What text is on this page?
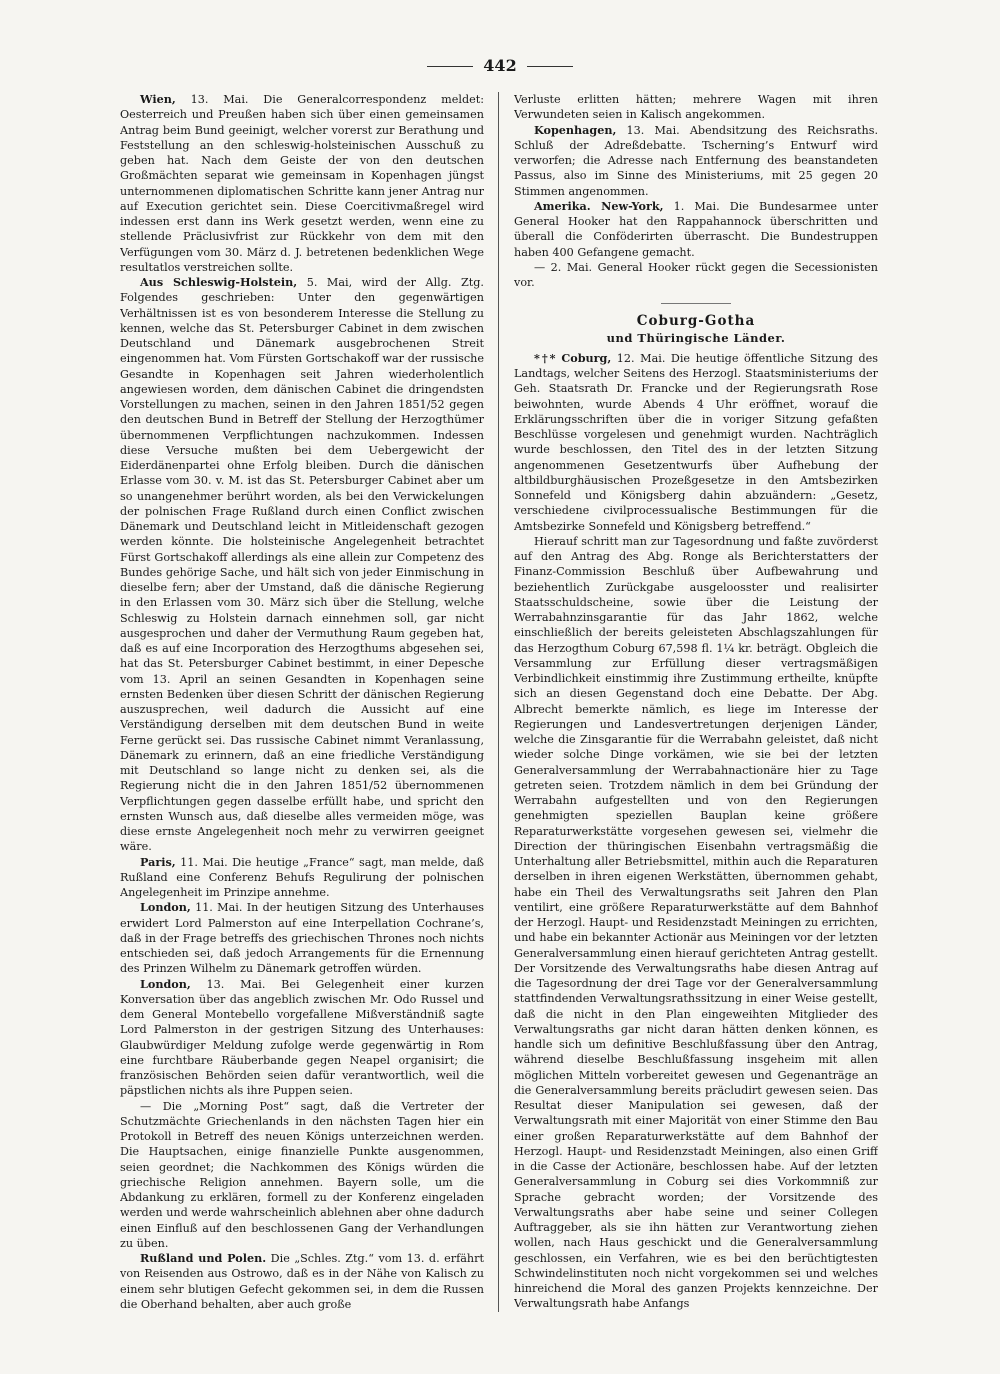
442

Wien, 13. Mai. Die Generalcorrespondenz meldet: Oesterreich und Preußen haben sich über einen gemeinsamen Antrag beim Bund geeinigt, welcher vorerst zur Berathung und Feststellung an den schleswig-holsteinischen Ausschuß zu geben hat. Nach dem Geiste der von den deutschen Großmächten separat wie gemeinsam in Kopenhagen jüngst unternommenen diplomatischen Schritte kann jener Antrag nur auf Execution gerichtet sein. Diese Coercitivmaßregel wird indessen erst dann ins Werk gesetzt werden, wenn eine zu stellende Präclusivfrist zur Rückkehr von dem mit den Verfügungen vom 30. März d. J. betretenen bedenklichen Wege resultatlos verstreichen sollte.

Aus Schleswig-Holstein, 5. Mai, wird der Allg. Ztg. Folgendes geschrieben: Unter den gegenwärtigen Verhältnissen ist es von besonderem Interesse die Stellung zu kennen, welche das St. Petersburger Cabinet in dem zwischen Deutschland und Dänemark ausgebrochenen Streit eingenommen hat. Vom Fürsten Gortschakoff war der russische Gesandte in Kopenhagen seit Jahren wiederholentlich angewiesen worden, dem dänischen Cabinet die dringendsten Vorstellungen zu machen, seinen in den Jahren 1851/52 gegen den deutschen Bund in Betreff der Stellung der Herzogthümer übernommenen Verpflichtungen nachzukommen. Indessen diese Versuche mußten bei dem Uebergewicht der Eiderdänenpartei ohne Erfolg bleiben. Durch die dänischen Erlasse vom 30. v. M. ist das St. Petersburger Cabinet aber um so unangenehmer berührt worden, als bei den Verwickelungen der polnischen Frage Rußland durch einen Conflict zwischen Dänemark und Deutschland leicht in Mitleidenschaft gezogen werden könnte. Die holsteinische Angelegenheit betrachtet Fürst Gortschakoff allerdings als eine allein zur Competenz des Bundes gehörige Sache, und hält sich von jeder Einmischung in dieselbe fern; aber der Umstand, daß die dänische Regierung in den Erlassen vom 30. März sich über die Stellung, welche Schleswig zu Holstein darnach einnehmen soll, gar nicht ausgesprochen und daher der Vermuthung Raum gegeben hat, daß es auf eine Incorporation des Herzogthums abgesehen sei, hat das St. Petersburger Cabinet bestimmt, in einer Depesche vom 13. April an seinen Gesandten in Kopenhagen seine ernsten Bedenken über diesen Schritt der dänischen Regierung auszusprechen, weil dadurch die Aussicht auf eine Verständigung derselben mit dem deutschen Bund in weite Ferne gerückt sei. Das russische Cabinet nimmt Veranlassung, Dänemark zu erinnern, daß an eine friedliche Verständigung mit Deutschland so lange nicht zu denken sei, als die Regierung nicht die in den Jahren 1851/52 übernommenen Verpflichtungen gegen dasselbe erfüllt habe, und spricht den ernsten Wunsch aus, daß dieselbe alles vermeiden möge, was diese ernste Angelegenheit noch mehr zu verwirren geeignet wäre.

Paris, 11. Mai. Die heutige „France“ sagt, man melde, daß Rußland eine Conferenz Behufs Regulirung der polnischen Angelegenheit im Prinzipe annehme.

London, 11. Mai. In der heutigen Sitzung des Unterhauses erwidert Lord Palmerston auf eine Interpellation Cochrane’s, daß in der Frage betreffs des griechischen Thrones noch nichts entschieden sei, daß jedoch Arrangements für die Ernennung des Prinzen Wilhelm zu Dänemark getroffen würden.

London, 13. Mai. Bei Gelegenheit einer kurzen Konversation über das angeblich zwischen Mr. Odo Russel und dem General Montebello vorgefallene Mißverständniß sagte Lord Palmerston in der gestrigen Sitzung des Unterhauses: Glaubwürdiger Meldung zufolge werde gegenwärtig in Rom eine furchtbare Räuberbande gegen Neapel organisirt; die französischen Behörden seien dafür verantwortlich, weil die päpstlichen nichts als ihre Puppen seien.

— Die „Morning Post“ sagt, daß die Vertreter der Schutzmächte Griechenlands in den nächsten Tagen hier ein Protokoll in Betreff des neuen Königs unterzeichnen werden. Die Hauptsachen, einige finanzielle Punkte ausgenommen, seien geordnet; die Nachkommen des Königs würden die griechische Religion annehmen. Bayern solle, um die Abdankung zu erklären, formell zu der Konferenz eingeladen werden und werde wahrscheinlich ablehnen aber ohne dadurch einen Einfluß auf den beschlossenen Gang der Verhandlungen zu üben.

Rußland und Polen. Die „Schles. Ztg.“ vom 13. d. erfährt von Reisenden aus Ostrowo, daß es in der Nähe von Kalisch zu einem sehr blutigen Gefecht gekommen sei, in dem die Russen die Oberhand behalten, aber auch große

Verluste erlitten hätten; mehrere Wagen mit ihren Verwundeten seien in Kalisch angekommen.

Kopenhagen, 13. Mai. Abendsitzung des Reichsraths. Schluß der Adreßdebatte. Tscherning’s Entwurf wird verworfen; die Adresse nach Entfernung des beanstandeten Passus, also im Sinne des Ministeriums, mit 25 gegen 20 Stimmen angenommen.

Amerika. New-York, 1. Mai. Die Bundesarmee unter General Hooker hat den Rappahannock überschritten und überall die Conföderirten überrascht. Die Bundestruppen haben 400 Gefangene gemacht.

— 2. Mai. General Hooker rückt gegen die Secessionisten vor.

Coburg-Gotha
und Thüringische Länder.

*†* Coburg, 12. Mai. Die heutige öffentliche Sitzung des Landtags, welcher Seitens des Herzogl. Staatsministeriums der Geh. Staatsrath Dr. Francke und der Regierungsrath Rose beiwohnten, wurde Abends 4 Uhr eröffnet, worauf die Erklärungsschriften über die in voriger Sitzung gefaßten Beschlüsse vorgelesen und genehmigt wurden. Nachträglich wurde beschlossen, den Titel des in der letzten Sitzung angenommenen Gesetzentwurfs über Aufhebung der altbildburghäusischen Prozeßgesetze in den Amtsbezirken Sonnefeld und Königsberg dahin abzuändern: „Gesetz, verschiedene civilprocessualische Bestimmungen für die Amtsbezirke Sonnefeld und Königsberg betreffend.“

Hierauf schritt man zur Tagesordnung und faßte zuvörderst auf den Antrag des Abg. Ronge als Berichterstatters der Finanz-Commission Beschluß über Aufbewahrung und beziehentlich Zurückgabe ausgeloosster und realisirter Staatsschuldscheine, sowie über die Leistung der Werrabahnzinsgarantie für das Jahr 1862, welche einschließlich der bereits geleisteten Abschlagszahlungen für das Herzogthum Coburg 67,598 fl. 1¼ kr. beträgt. Obgleich die Versammlung zur Erfüllung dieser vertragsmäßigen Verbindlichkeit einstimmig ihre Zustimmung ertheilte, knüpfte sich an diesen Gegenstand doch eine Debatte. Der Abg. Albrecht bemerkte nämlich, es liege im Interesse der Regierungen und Landesvertretungen derjenigen Länder, welche die Zinsgarantie für die Werrabahn geleistet, daß nicht wieder solche Dinge vorkämen, wie sie bei der letzten Generalversammlung der Werrabahnactionäre hier zu Tage getreten seien. Trotzdem nämlich in dem bei Gründung der Werrabahn aufgestellten und von den Regierungen genehmigten speziellen Bauplan keine größere Reparaturwerkstätte vorgesehen gewesen sei, vielmehr die Direction der thüringischen Eisenbahn vertragsmäßig die Unterhaltung aller Betriebsmittel, mithin auch die Reparaturen derselben in ihren eigenen Werkstätten, übernommen gehabt, habe ein Theil des Verwaltungsraths seit Jahren den Plan ventilirt, eine größere Reparaturwerkstätte auf dem Bahnhof der Herzogl. Haupt- und Residenzstadt Meiningen zu errichten, und habe ein bekannter Actionär aus Meiningen vor der letzten Generalversammlung einen hierauf gerichteten Antrag gestellt. Der Vorsitzende des Verwaltungsraths habe diesen Antrag auf die Tagesordnung der drei Tage vor der Generalversammlung stattfindenden Verwaltungsrathssitzung in einer Weise gestellt, daß die nicht in den Plan eingeweihten Mitglieder des Verwaltungsraths gar nicht daran hätten denken können, es handle sich um definitive Beschlußfassung über den Antrag, während dieselbe Beschlußfassung insgeheim mit allen möglichen Mitteln vorbereitet gewesen und Gegenanträge an die Generalversammlung bereits präcludirt gewesen seien. Das Resultat dieser Manipulation sei gewesen, daß der Verwaltungsrath mit einer Majorität von einer Stimme den Bau einer großen Reparaturwerkstätte auf dem Bahnhof der Herzogl. Haupt- und Residenzstadt Meiningen, also einen Griff in die Casse der Actionäre, beschlossen habe. Auf der letzten Generalversammlung in Coburg sei dies Vorkommniß zur Sprache gebracht worden; der Vorsitzende des Verwaltungsraths aber habe seine und seiner Collegen Auftraggeber, als sie ihn hätten zur Verantwortung ziehen wollen, nach Haus geschickt und die Generalversammlung geschlossen, ein Verfahren, wie es bei den berüchtigtesten Schwindelinstituten noch nicht vorgekommen sei und welches hinreichend die Moral des ganzen Projekts kennzeichne. Der Verwaltungsrath habe Anfangs
